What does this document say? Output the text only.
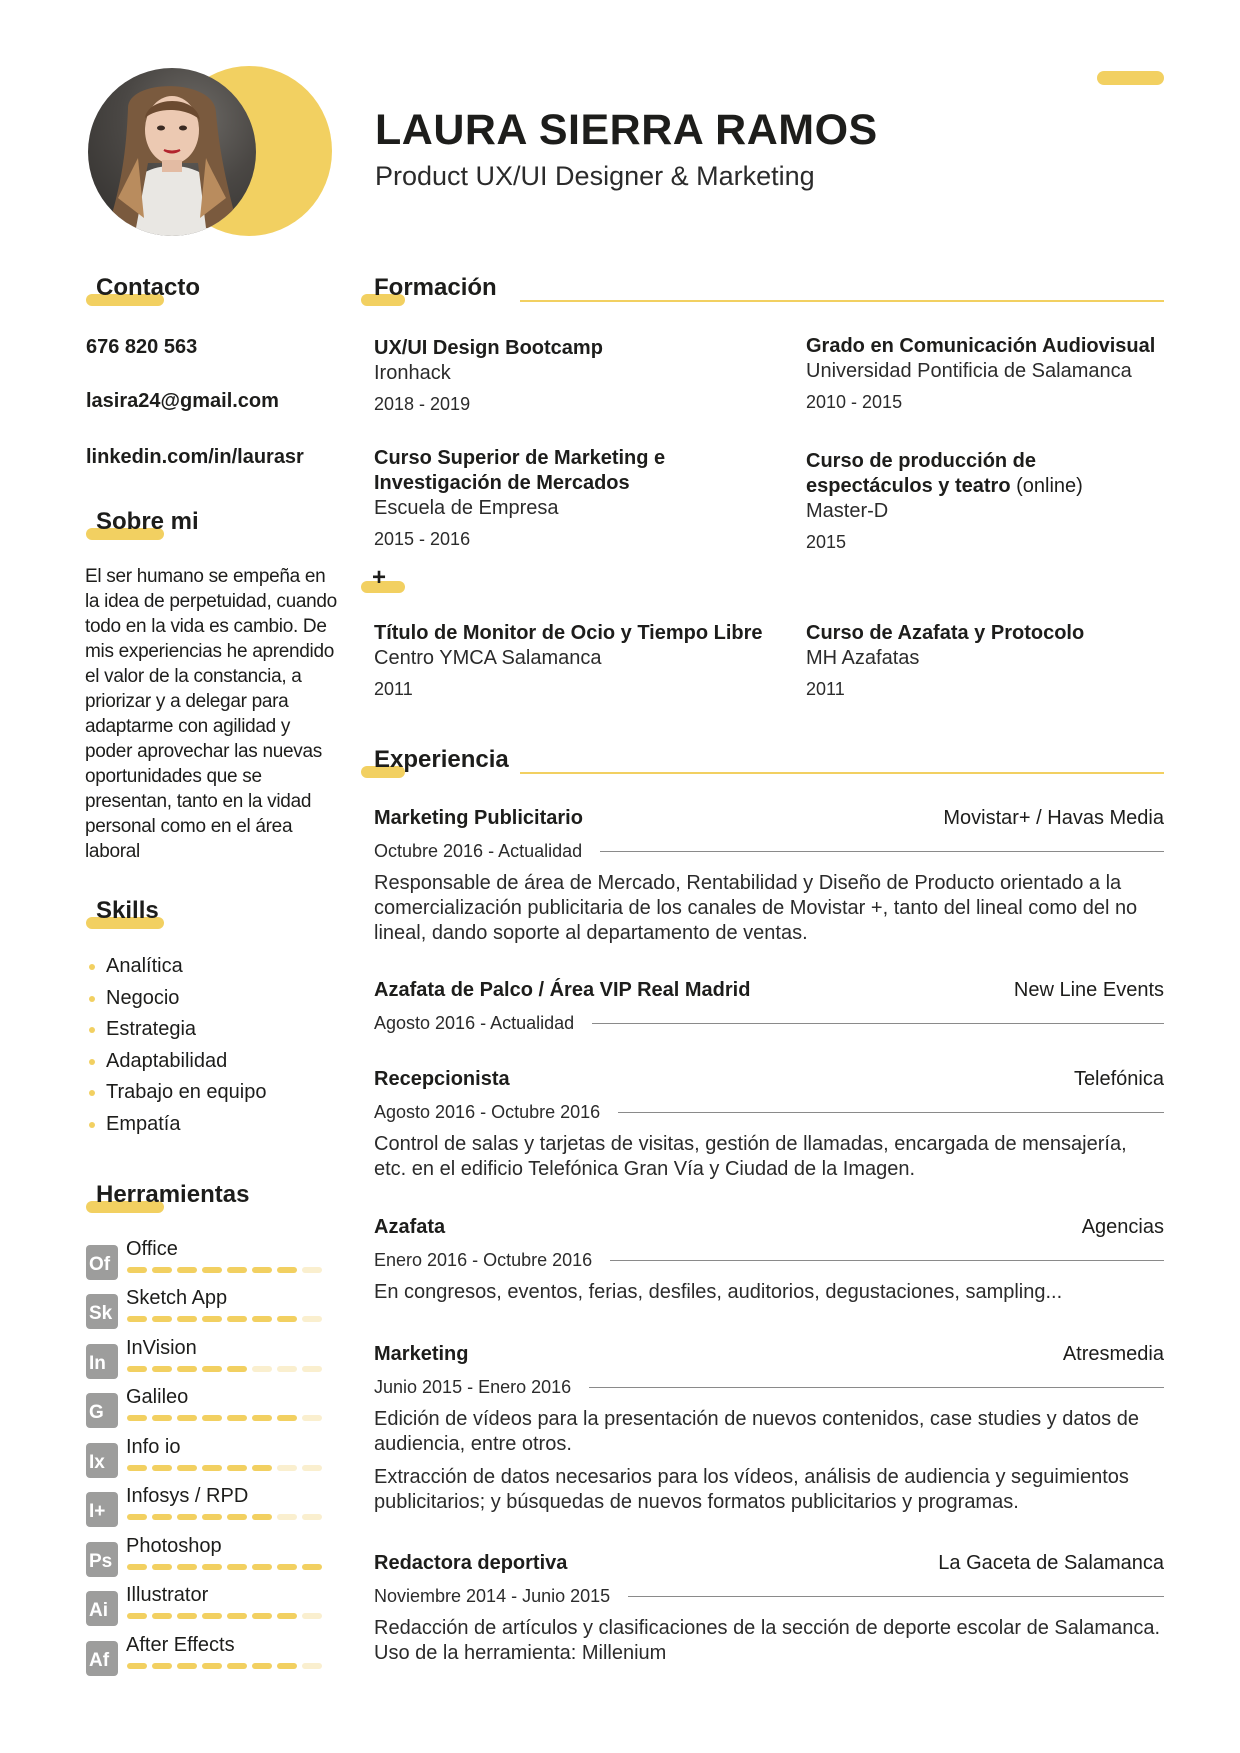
LAURA SIERRA RAMOS
Product UX/UI Designer & Marketing
Contacto
676 820 563
lasira24@gmail.com
linkedin.com/in/laurasr
Sobre mi
El ser humano se empeña en la idea de perpetuidad, cuando todo en la vida es cambio. De mis experiencias he aprendido el valor de la constancia, a priorizar y a delegar para adaptarme con agilidad y poder aprovechar las nuevas oportunidades que se presentan, tanto en la vidad personal como en el área laboral
Skills
Analítica
Negocio
Estrategia
Adaptabilidad
Trabajo en equipo
Empatía
Herramientas
Of
Office
Sk
Sketch App
In
InVision
G
Galileo
Ix
Info io
I+
Infosys / RPD
Ps
Photoshop
Ai
Illustrator
Af
After Effects
Formación
UX/UI Design Bootcamp
Ironhack
2018 - 2019
Grado en Comunicación Audiovisual
Universidad Pontificia de Salamanca
2010 - 2015
Curso Superior de Marketing e
Investigación de Mercados
Escuela de Empresa
2015 - 2016
Curso de producción de
espectáculos y teatro (online)
Master-D
2015
+
Título de Monitor de Ocio y Tiempo Libre
Centro YMCA Salamanca
2011
Curso de Azafata y Protocolo
MH Azafatas
2011
Experiencia
Marketing Publicitario	Movistar+ / Havas Media
Octubre 2016 - Actualidad
Responsable de área de Mercado, Rentabilidad y Diseño de Producto orientado a la comercialización publicitaria de los canales de Movistar +, tanto del lineal como del no lineal, dando soporte al departamento de ventas.
Azafata de Palco / Área VIP Real Madrid	New Line Events
Agosto 2016 - Actualidad
Recepcionista	Telefónica
Agosto 2016 - Octubre 2016
Control de salas y tarjetas de visitas, gestión de llamadas, encargada de mensajería, etc. en el edificio Telefónica Gran Vía y Ciudad de la Imagen.
Azafata	Agencias
Enero 2016 - Octubre 2016
En congresos, eventos, ferias, desfiles, auditorios, degustaciones, sampling...
Marketing	Atresmedia
Junio 2015 - Enero 2016
Edición de vídeos para la presentación de nuevos contenidos, case studies y datos de audiencia, entre otros.
Extracción de datos necesarios para los vídeos, análisis de audiencia y seguimientos publicitarios; y búsquedas de nuevos formatos publicitarios y programas.
Redactora deportiva	La Gaceta de Salamanca
Noviembre 2014 - Junio 2015
Redacción de artículos y clasificaciones de la sección de deporte escolar de Salamanca. Uso de la herramienta: Millenium
